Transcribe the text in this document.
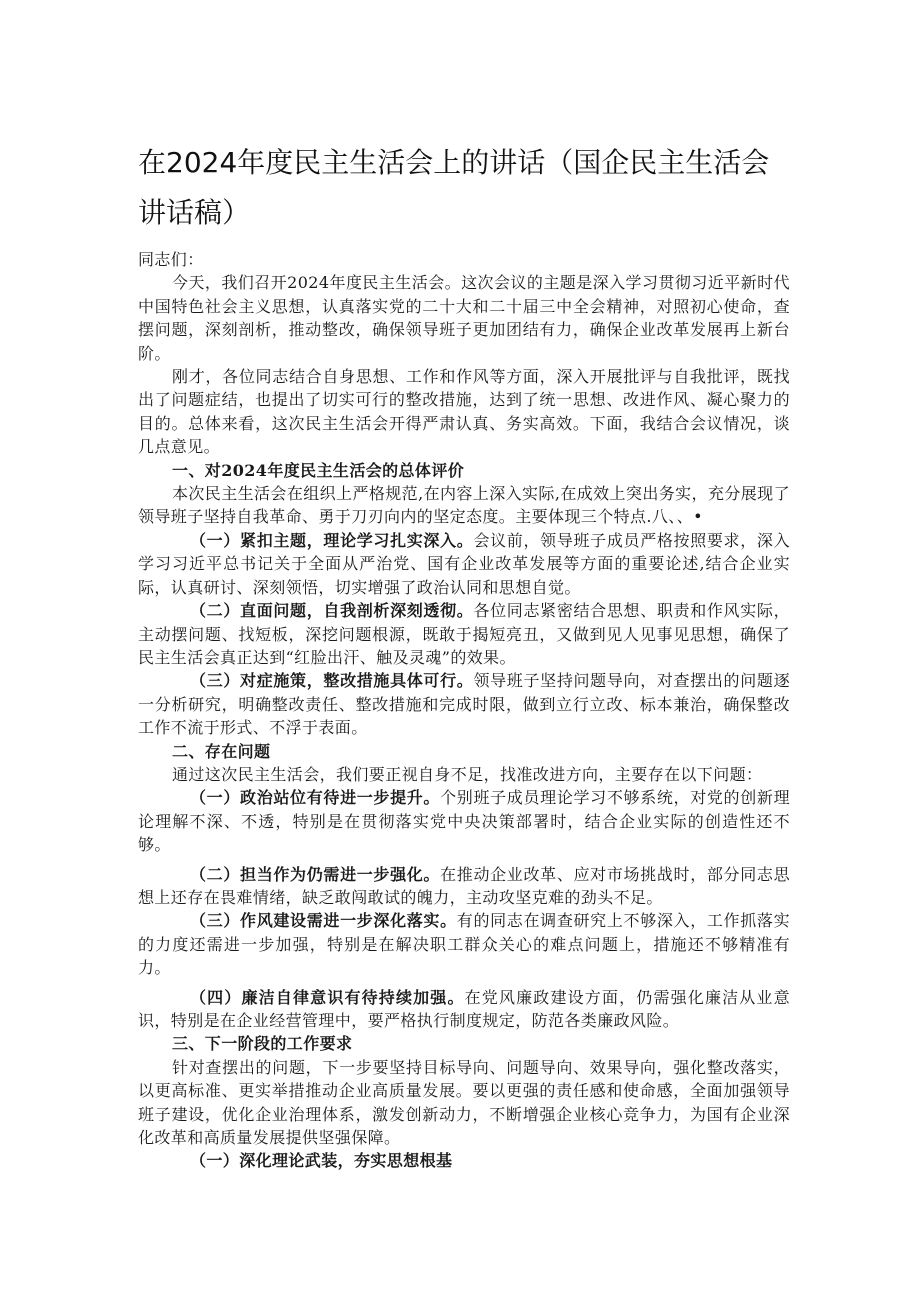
在2024年度民主生活会上的讲话（国企民主生活会讲话稿）

同志们：

今天，我们召开2024年度民主生活会。这次会议的主题是深入学习贯彻习近平新时代中国特色社会主义思想，认真落实党的二十大和二十届三中全会精神，对照初心使命，查摆问题，深刻剖析，推动整改，确保领导班子更加团结有力，确保企业改革发展再上新台阶。

刚才，各位同志结合自身思想、工作和作风等方面，深入开展批评与自我批评，既找出了问题症结，也提出了切实可行的整改措施，达到了统一思想、改进作风、凝心聚力的目的。总体来看，这次民主生活会开得严肃认真、务实高效。下面，我结合会议情况，谈几点意见。

一、对2024年度民主生活会的总体评价

本次民主生活会在组织上严格规范,在内容上深入实际,在成效上突出务实，充分展现了领导班子坚持自我革命、勇于刀刃向内的坚定态度。主要体现三个特点.八、、•

（一）紧扣主题，理论学习扎实深入。会议前，领导班子成员严格按照要求，深入学习习近平总书记关于全面从严治党、国有企业改革发展等方面的重要论述,结合企业实际，认真研讨、深刻领悟，切实增强了政治认同和思想自觉。

（二）直面问题，自我剖析深刻透彻。各位同志紧密结合思想、职责和作风实际，主动摆问题、找短板，深挖问题根源，既敢于揭短亮丑，又做到见人见事见思想，确保了民主生活会真正达到“红脸出汗、触及灵魂”的效果。

（三）对症施策，整改措施具体可行。领导班子坚持问题导向，对查摆出的问题逐一分析研究，明确整改责任、整改措施和完成时限，做到立行立改、标本兼治，确保整改工作不流于形式、不浮于表面。

二、存在问题

通过这次民主生活会，我们要正视自身不足，找准改进方向，主要存在以下问题：

（一）政治站位有待进一步提升。个别班子成员理论学习不够系统，对党的创新理论理解不深、不透，特别是在贯彻落实党中央决策部署时，结合企业实际的创造性还不够。

（二）担当作为仍需进一步强化。在推动企业改革、应对市场挑战时，部分同志思想上还存在畏难情绪，缺乏敢闯敢试的魄力，主动攻坚克难的劲头不足。

（三）作风建设需进一步深化落实。有的同志在调查研究上不够深入，工作抓落实的力度还需进一步加强，特别是在解决职工群众关心的难点问题上，措施还不够精准有力。

（四）廉洁自律意识有待持续加强。在党风廉政建设方面，仍需强化廉洁从业意识，特别是在企业经营管理中，要严格执行制度规定，防范各类廉政风险。

三、下一阶段的工作要求

针对查摆出的问题，下一步要坚持目标导向、问题导向、效果导向，强化整改落实，以更高标准、更实举措推动企业高质量发展。要以更强的责任感和使命感，全面加强领导班子建设，优化企业治理体系，激发创新动力，不断增强企业核心竞争力，为国有企业深化改革和高质量发展提供坚强保障。

（一）深化理论武装，夯实思想根基
